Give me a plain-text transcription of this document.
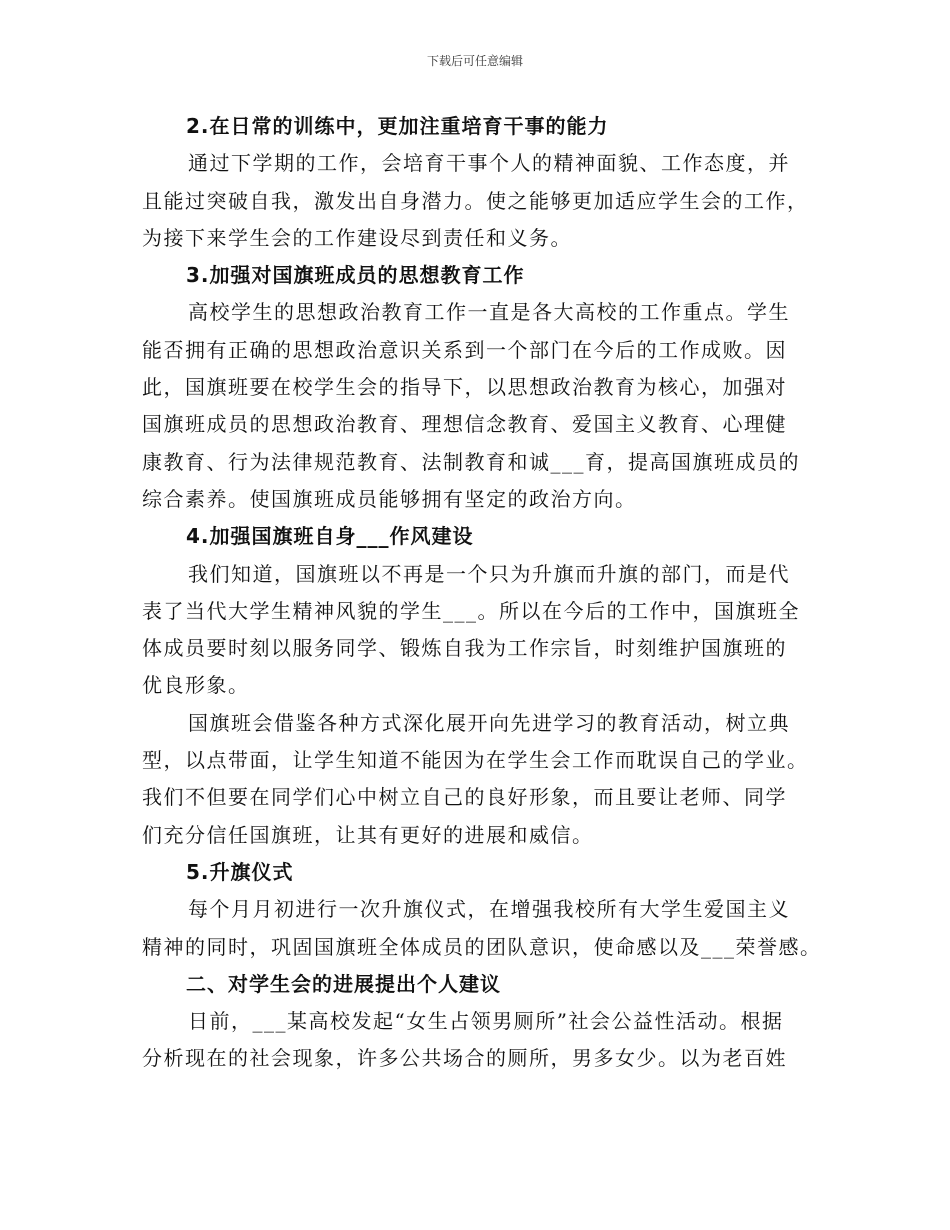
下载后可任意编辑
2.在日常的训练中，更加注重培育干事的能力
通过下学期的工作，会培育干事个人的精神面貌、工作态度，并
且能过突破自我，激发出自身潜力。使之能够更加适应学生会的工作，
为接下来学生会的工作建设尽到责任和义务。
3.加强对国旗班成员的思想教育工作
高校学生的思想政治教育工作一直是各大高校的工作重点。学生
能否拥有正确的思想政治意识关系到一个部门在今后的工作成败。因
此，国旗班要在校学生会的指导下，以思想政治教育为核心，加强对
国旗班成员的思想政治教育、理想信念教育、爱国主义教育、心理健
康教育、行为法律规范教育、法制教育和诚___育，提高国旗班成员的
综合素养。使国旗班成员能够拥有坚定的政治方向。
4.加强国旗班自身___作风建设
我们知道，国旗班以不再是一个只为升旗而升旗的部门，而是代
表了当代大学生精神风貌的学生___。所以在今后的工作中，国旗班全
体成员要时刻以服务同学、锻炼自我为工作宗旨，时刻维护国旗班的
优良形象。
国旗班会借鉴各种方式深化展开向先进学习的教育活动，树立典
型，以点带面，让学生知道不能因为在学生会工作而耽误自己的学业。
我们不但要在同学们心中树立自己的良好形象，而且要让老师、同学
们充分信任国旗班，让其有更好的进展和威信。
5.升旗仪式
每个月月初进行一次升旗仪式，在增强我校所有大学生爱国主义
精神的同时，巩固国旗班全体成员的团队意识，使命感以及___荣誉感。
二、对学生会的进展提出个人建议
日前，___某高校发起“女生占领男厕所”社会公益性活动。根据
分析现在的社会现象，许多公共场合的厕所，男多女少。以为老百姓
